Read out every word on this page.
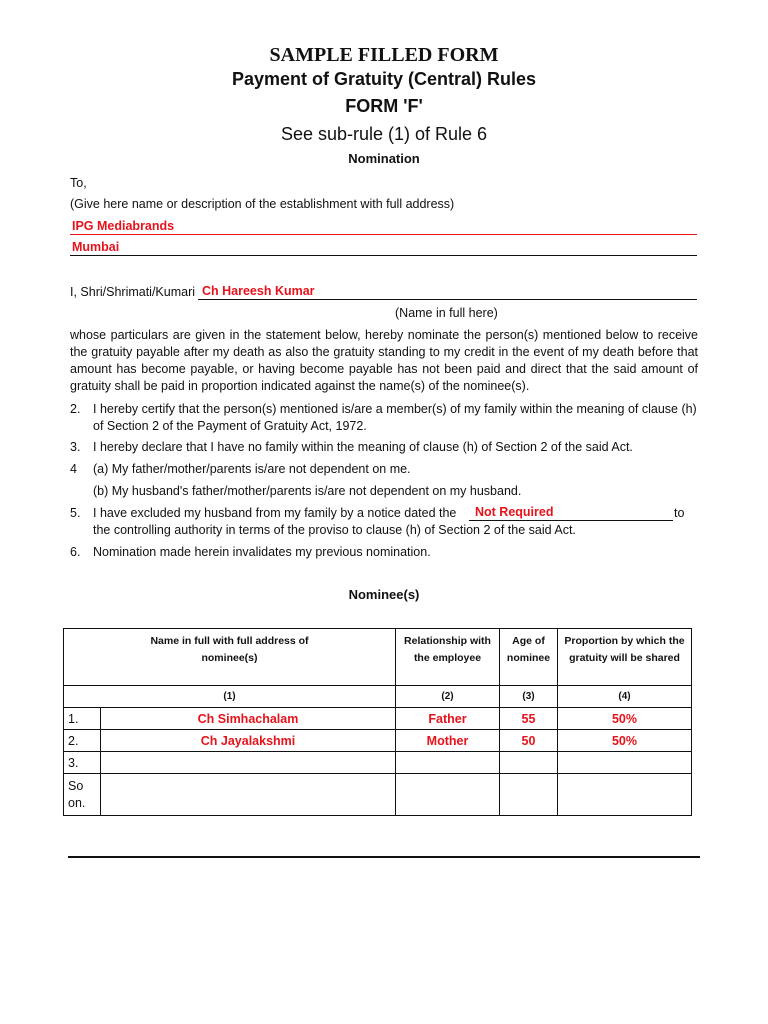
SAMPLE FILLED FORM
Payment of Gratuity (Central) Rules
FORM 'F'
See sub-rule (1) of Rule 6
Nomination
To,
(Give here name or description of the establishment with full address)
IPG Mediabrands
Mumbai
I, Shri/Shrimati/Kumari Ch Hareesh Kumar
(Name in full here)
whose particulars are given in the statement below, hereby nominate the person(s) mentioned below to receive the gratuity payable after my death as also the gratuity standing to my credit in the event of my death before that amount has become payable, or having become payable has not been paid and direct that the said amount of gratuity shall be paid in proportion indicated against the name(s) of the nominee(s).
2.	I hereby certify that the person(s) mentioned is/are a member(s) of my family within the meaning of clause (h) of Section 2 of the Payment of Gratuity Act, 1972.
3.	I hereby declare that I have no family within the meaning of clause (h) of Section 2 of the said Act.
4	(a) My father/mother/parents is/are not dependent on me.
(b) My husband's father/mother/parents is/are not dependent on my husband.
5.	I have excluded my husband from my family by a notice dated the Not Required	to
the controlling authority in terms of the proviso to clause (h) of Section 2 of the said Act.
6.	Nomination made herein invalidates my previous nomination.
Nominee(s)
Name in full with full address of nominee(s)		Relationship with the employee	Age of nominee	Proportion by which the gratuity will be shared
(1)		(2)	(3)	(4)
1.	Ch Simhachalam	Father	55	50%
2.	Ch Jayalakshmi	Mother	50	50%
3.				
So on.				
